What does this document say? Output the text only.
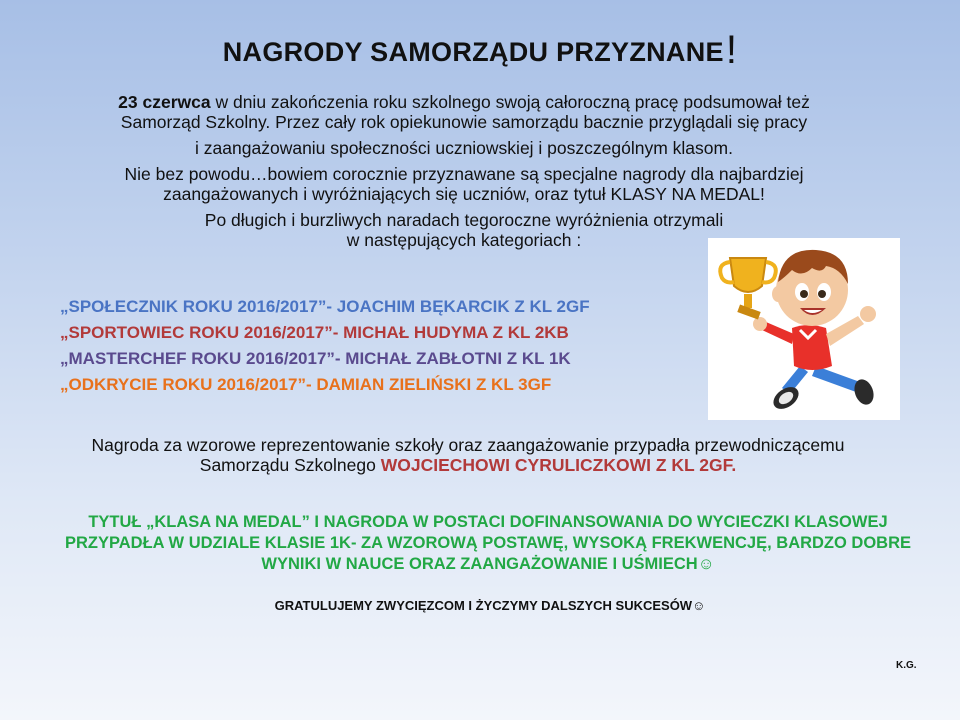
NAGRODY SAMORZĄDU PRZYZNANE!

23 czerwca w dniu zakończenia roku szkolnego swoją całoroczną pracę podsumował też Samorząd Szkolny. Przez cały rok opiekunowie samorządu bacznie przyglądali się pracy

i zaangażowaniu społeczności uczniowskiej i poszczególnym klasom.

Nie bez powodu…bowiem corocznie przyznawane są specjalne nagrody dla najbardziej zaangażowanych i wyróżniających się uczniów, oraz tytuł KLASY NA MEDAL!

Po długich i burzliwych naradach tegoroczne wyróżnienia otrzymali

w następujących kategoriach :

„SPOŁECZNIK ROKU 2016/2017”- JOACHIM BĘKARCIK Z KL 2GF
„SPORTOWIEC ROKU 2016/2017”- MICHAŁ HUDYMA Z KL 2KB
„MASTERCHEF ROKU 2016/2017”- MICHAŁ ZABŁOTNI Z KL 1K
„ODKRYCIE ROKU 2016/2017”- DAMIAN ZIELIŃSKI Z KL 3GF
Nagroda za wzorowe reprezentowanie szkoły oraz zaangażowanie przypadła przewodniczącemu Samorządu Szkolnego WOJCIECHOWI CYRULICZKOWI Z KL 2GF.
TYTUŁ „KLASA NA MEDAL” I NAGRODA W POSTACI DOFINANSOWANIA DO WYCIECZKI KLASOWEJ PRZYPADŁA W UDZIALE KLASIE 1K- ZA WZOROWĄ POSTAWĘ, WYSOKĄ FREKWENCJĘ, BARDZO DOBRE WYNIKI W NAUCE ORAZ ZAANGAŻOWANIE I UŚMIECH☺
GRATULUJEMY ZWYCIĘZCOM I ŻYCZYMY DALSZYCH SUKCESÓW☺
K.G.
